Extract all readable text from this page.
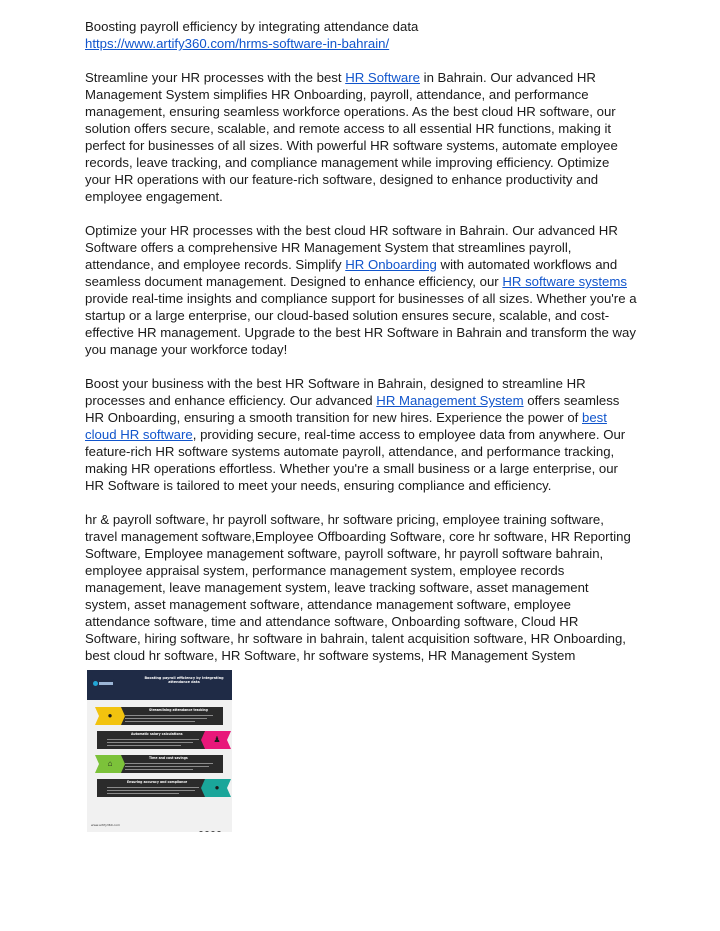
Boosting payroll efficiency by integrating attendance data

https://www.artify360.com/hrms-software-in-bahrain/

Streamline your HR processes with the best HR Software in Bahrain. Our advanced HR Management System simplifies HR Onboarding, payroll, attendance, and performance management, ensuring seamless workforce operations. As the best cloud HR software, our solution offers secure, scalable, and remote access to all essential HR functions, making it perfect for businesses of all sizes. With powerful HR software systems, automate employee records, leave tracking, and compliance management while improving efficiency. Optimize your HR operations with our feature-rich software, designed to enhance productivity and employee engagement.

Optimize your HR processes with the best cloud HR software in Bahrain. Our advanced HR Software offers a comprehensive HR Management System that streamlines payroll, attendance, and employee records. Simplify HR Onboarding with automated workflows and seamless document management. Designed to enhance efficiency, our HR software systems provide real-time insights and compliance support for businesses of all sizes. Whether you're a startup or a large enterprise, our cloud-based solution ensures secure, scalable, and cost-effective HR management. Upgrade to the best HR Software in Bahrain and transform the way you manage your workforce today!

Boost your business with the best HR Software in Bahrain, designed to streamline HR processes and enhance efficiency. Our advanced HR Management System offers seamless HR Onboarding, ensuring a smooth transition for new hires. Experience the power of best cloud HR software, providing secure, real-time access to employee data from anywhere. Our feature-rich HR software systems automate payroll, attendance, and performance tracking, making HR operations effortless. Whether you're a small business or a large enterprise, our HR Software is tailored to meet your needs, ensuring compliance and efficiency.

hr & payroll software, hr payroll software, hr software pricing, employee training software, travel management software,Employee Offboarding Software, core hr software, HR Reporting Software, Employee management software, payroll software, hr payroll software bahrain, employee appraisal system, performance management system, employee records management, leave management system, leave tracking software, asset management system, asset management software, attendance management software, employee attendance software, time and attendance software, Onboarding software, Cloud HR Software, hiring software, hr software in bahrain, talent acquisition software, HR Onboarding, best cloud hr software, HR Software, hr software systems, HR Management System

Boosting payroll efficiency by integrating attendance data
Streamlining attendance tracking
●
Automatic salary calculations
♟
Time and cost savings
⌂
Ensuring accuracy and compliance
●
www.artify360.com
